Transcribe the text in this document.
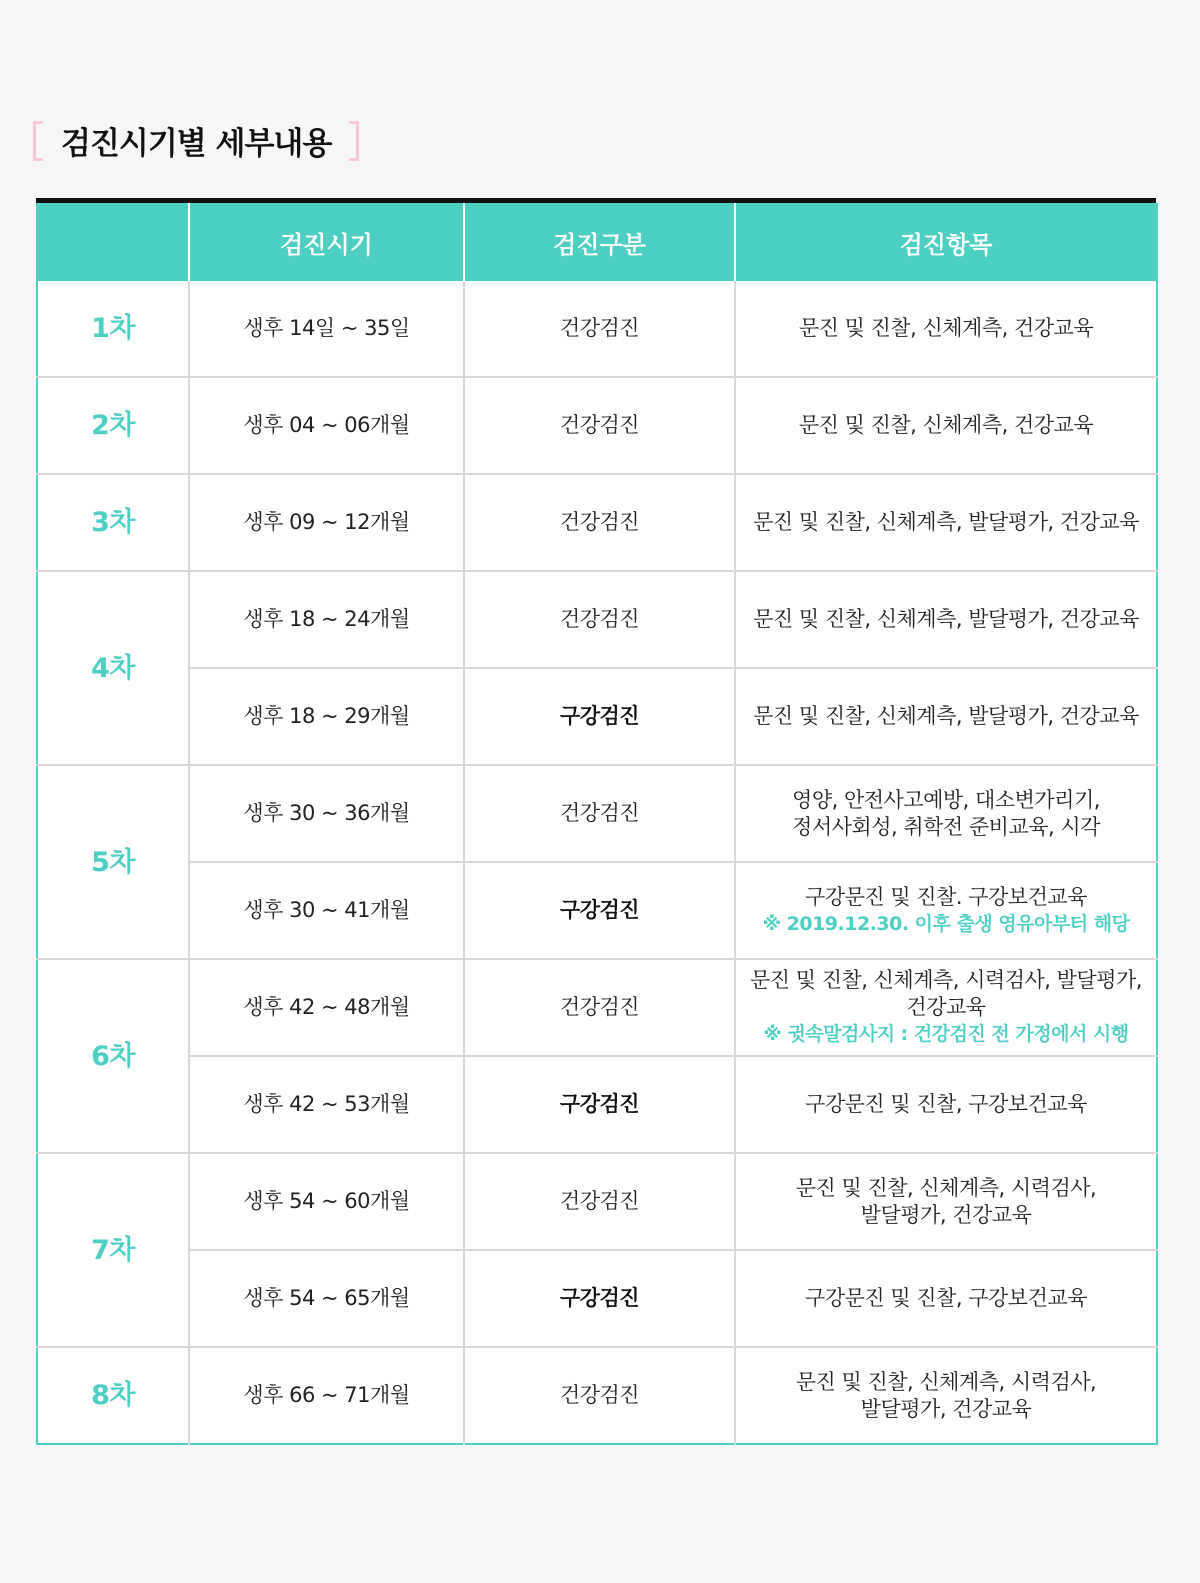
검진시기별 세부내용
	검진시기	검진구분	검진항목
1차	생후 14일 ~ 35일	건강검진	문진 및 진찰, 신체계측, 건강교육

2차	생후 04 ~ 06개월	건강검진	문진 및 진찰, 신체계측, 건강교육

3차	생후 09 ~ 12개월	건강검진	문진 및 진찰, 신체계측, 발달평가, 건강교육

4차	생후 18 ~ 24개월	건강검진	문진 및 진찰, 신체계측, 발달평가, 건강교육

	생후 18 ~ 29개월	구강검진	문진 및 진찰, 신체계측, 발달평가, 건강교육

5차	생후 30 ~ 36개월	건강검진	영양, 안전사고예방, 대소변가리기,
정서사회성, 취학전 준비교육, 시각

	생후 30 ~ 41개월	구강검진	구강문진 및 진찰. 구강보건교육
※ 2019.12.30. 이후 출생 영유아부터 해당

6차	생후 42 ~ 48개월	건강검진	문진 및 진찰, 신체계측, 시력검사, 발달평가,
건강교육
※ 귓속말검사지 : 건강검진 전 가정에서 시행

	생후 42 ~ 53개월	구강검진	구강문진 및 진찰, 구강보건교육

7차	생후 54 ~ 60개월	건강검진	문진 및 진찰, 신체계측, 시력검사,
발달평가, 건강교육

	생후 54 ~ 65개월	구강검진	구강문진 및 진찰, 구강보건교육

8차	생후 66 ~ 71개월	건강검진	문진 및 진찰, 신체계측, 시력검사,
발달평가, 건강교육
